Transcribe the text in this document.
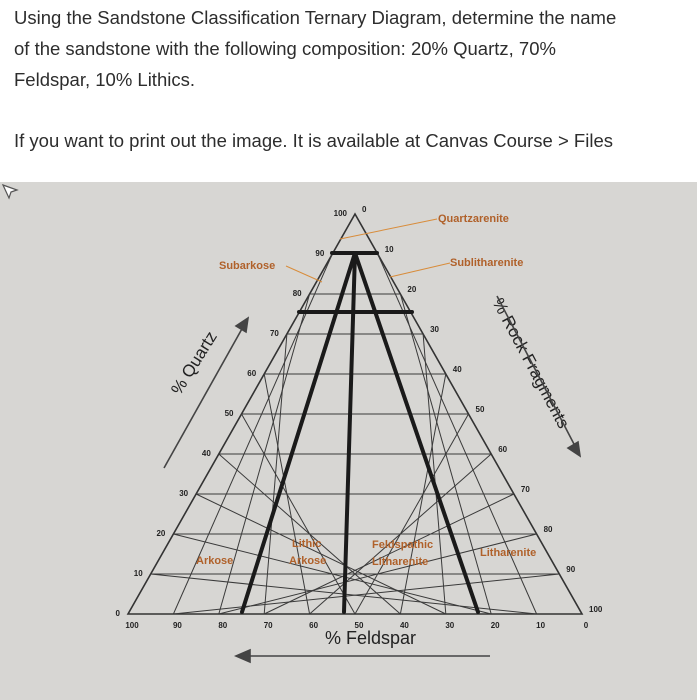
Using the Sandstone Classification Ternary Diagram, determine the name

of the sandstone with the following composition: 20% Quartz, 70%

Feldspar, 10% Lithics.

If you want to print out the image. It is available at Canvas Course > Files

100
90
80
70
60
50
40
30
20
10
0
0
10
20
30
40
50
60
70
80
90
100
100	90	80	70	60	50	40	30	20	10	0
Quartzarenite
Sublitharenite
Subarkose
Arkose
Lithic
Arkose
Feldspathic
Litharenite
Litharenite
% Quartz	% Rock Fragments
% Feldspar
